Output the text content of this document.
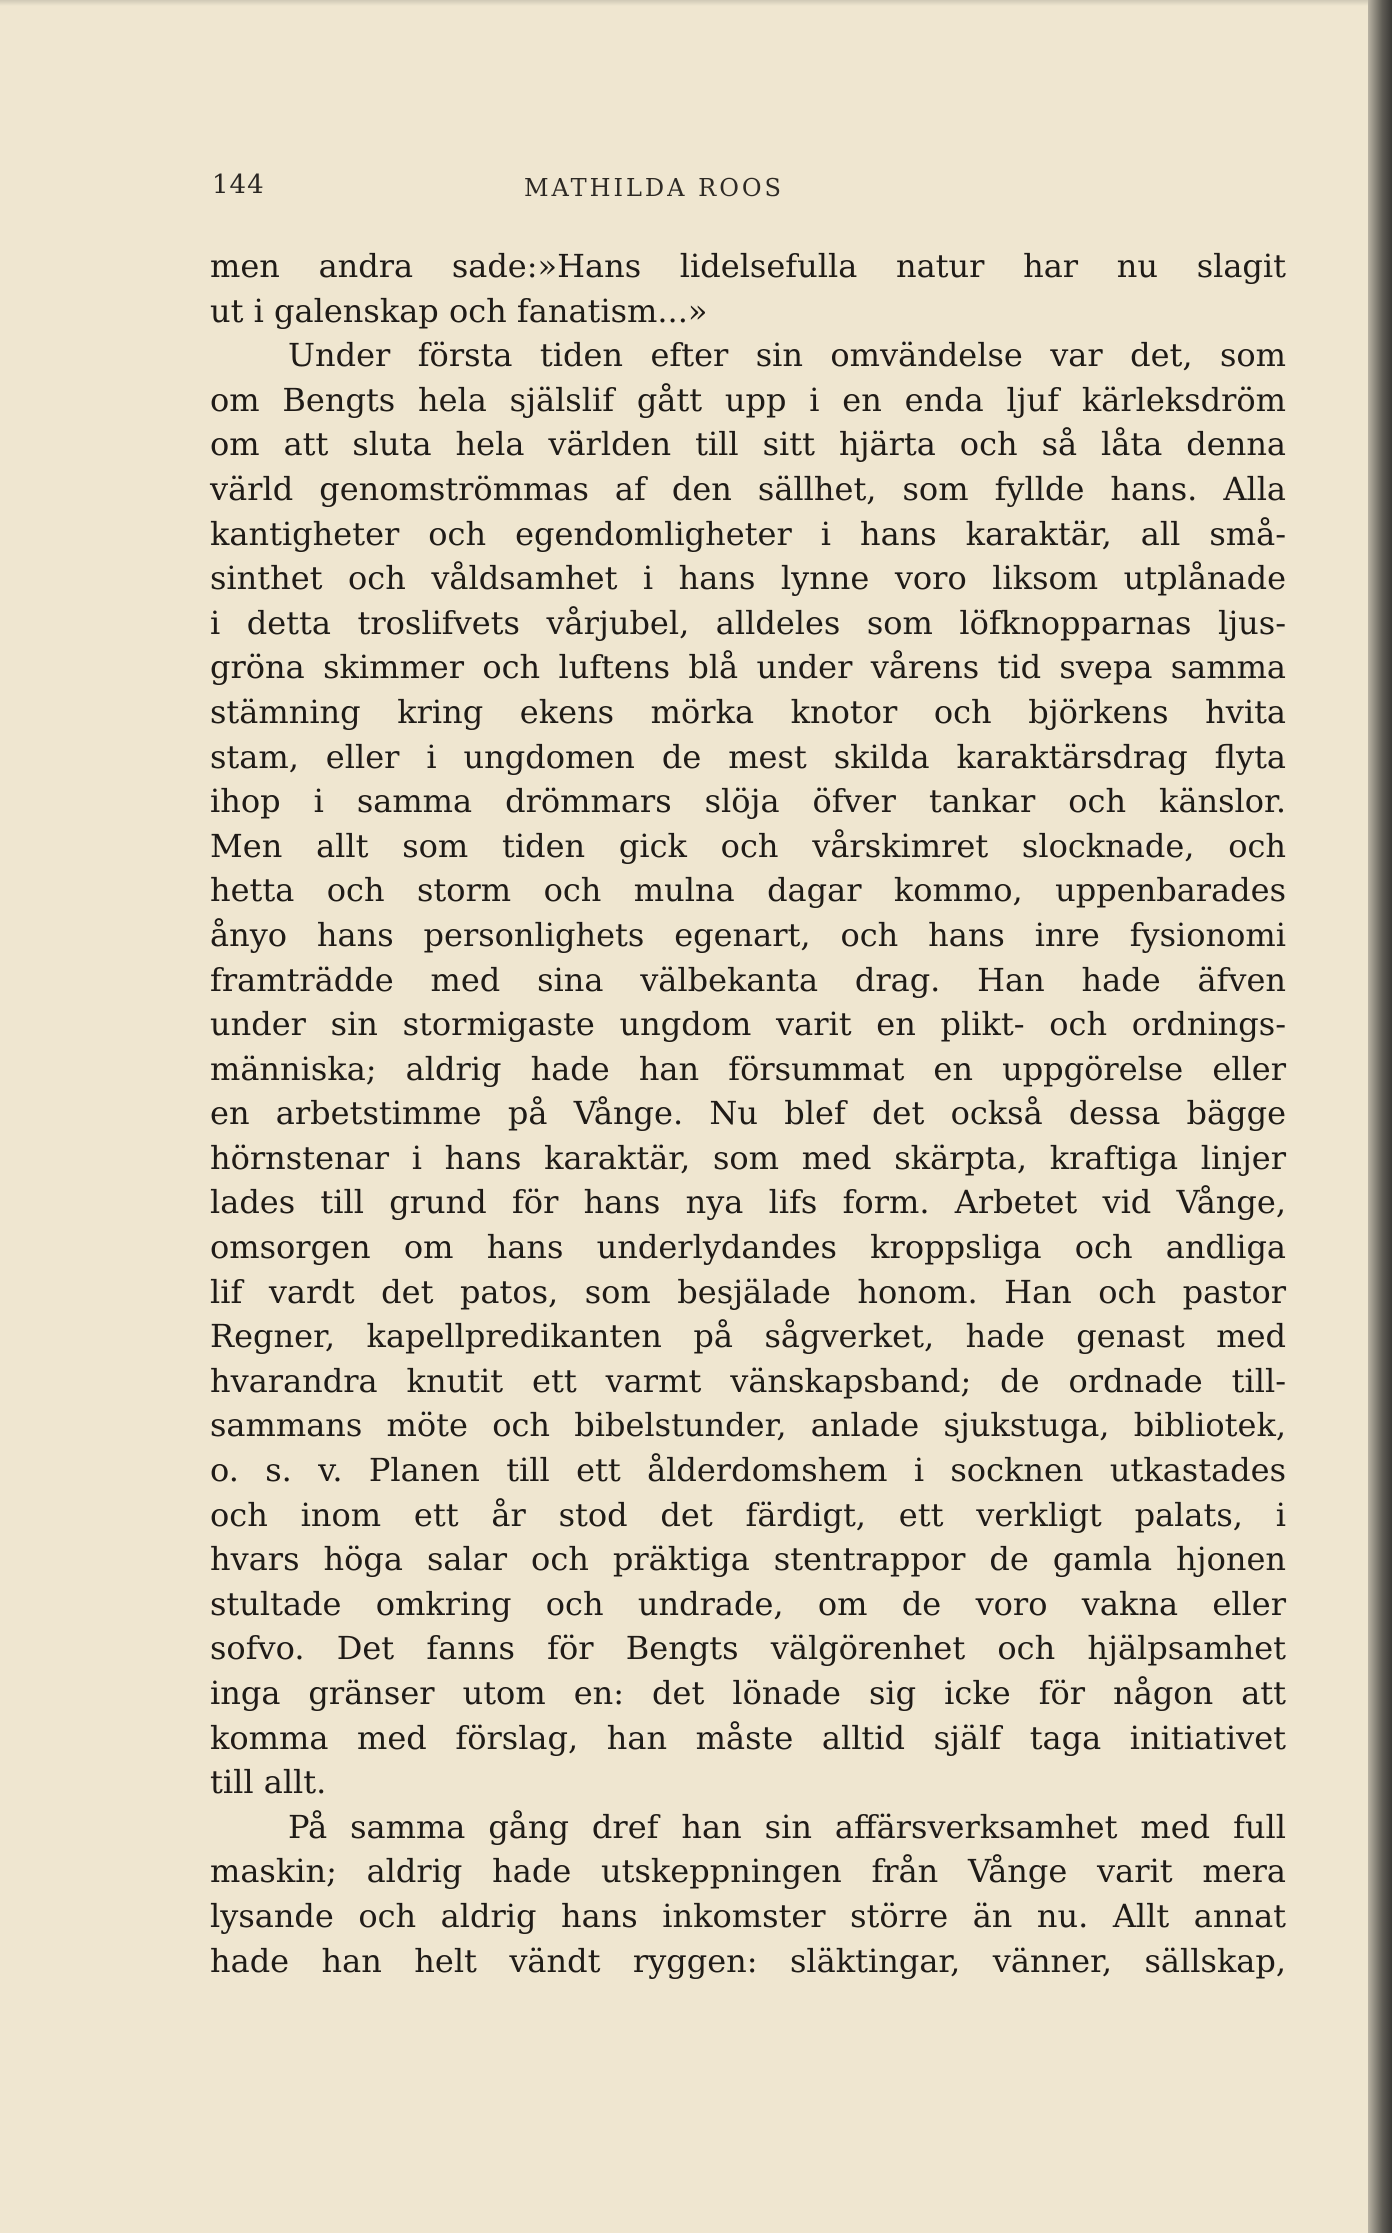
144	MATHILDA ROOS
men andra sade:»Hans lidelsefulla natur har nu slagit
ut i galenskap och fanatism...»
Under första tiden efter sin omvändelse var det, som
om Bengts hela själslif gått upp i en enda ljuf kärleksdröm
om att sluta hela världen till sitt hjärta och så låta denna
värld genomströmmas af den sällhet, som fyllde hans. Alla
kantigheter och egendomligheter i hans karaktär, all små-
sinthet och våldsamhet i hans lynne voro liksom utplånade
i detta troslifvets vårjubel, alldeles som löfknopparnas ljus-
gröna skimmer och luftens blå under vårens tid svepa samma
stämning kring ekens mörka knotor och björkens hvita
stam, eller i ungdomen de mest skilda karaktärsdrag flyta
ihop i samma drömmars slöja öfver tankar och känslor.
Men allt som tiden gick och vårskimret slocknade, och
hetta och storm och mulna dagar kommo, uppenbarades
ånyo hans personlighets egenart, och hans inre fysionomi
framträdde med sina välbekanta drag. Han hade äfven
under sin stormigaste ungdom varit en plikt- och ordnings-
människa; aldrig hade han försummat en uppgörelse eller
en arbetstimme på Vånge. Nu blef det också dessa bägge
hörnstenar i hans karaktär, som med skärpta, kraftiga linjer
lades till grund för hans nya lifs form. Arbetet vid Vånge,
omsorgen om hans underlydandes kroppsliga och andliga
lif vardt det patos, som besjälade honom. Han och pastor
Regner, kapellpredikanten på sågverket, hade genast med
hvarandra knutit ett varmt vänskapsband; de ordnade till-
sammans möte och bibelstunder, anlade sjukstuga, bibliotek,
o. s. v. Planen till ett ålderdomshem i socknen utkastades
och inom ett år stod det färdigt, ett verkligt palats, i
hvars höga salar och präktiga stentrappor de gamla hjonen
stultade omkring och undrade, om de voro vakna eller
sofvo. Det fanns för Bengts välgörenhet och hjälpsamhet
inga gränser utom en: det lönade sig icke för någon att
komma med förslag, han måste alltid själf taga initiativet
till allt.
På samma gång dref han sin affärsverksamhet med full
maskin; aldrig hade utskeppningen från Vånge varit mera
lysande och aldrig hans inkomster större än nu. Allt annat
hade han helt vändt ryggen: släktingar, vänner, sällskap,
